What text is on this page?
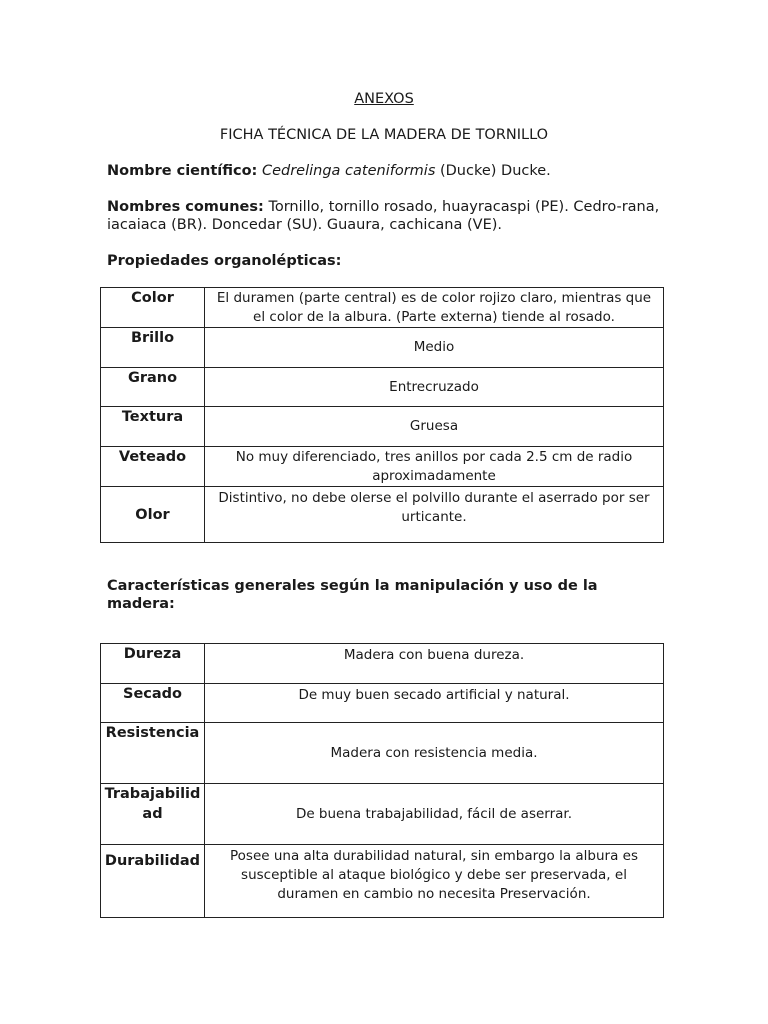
ANEXOS
FICHA TÉCNICA DE LA MADERA DE TORNILLO
Nombre científico: Cedrelinga cateniformis (Ducke) Ducke.
Nombres comunes: Tornillo, tornillo rosado, huayracaspi (PE). Cedro-rana, iacaiaca (BR). Doncedar (SU). Guaura, cachicana (VE).
Propiedades organolépticas:
Color	El duramen (parte central) es de color rojizo claro, mientras que el color de la albura. (Parte externa) tiende al rosado.
Brillo	Medio
Grano	Entrecruzado
Textura	Gruesa
Veteado	No muy diferenciado, tres anillos por cada 2.5 cm de radio aproximadamente
Olor	Distintivo, no debe olerse el polvillo durante el aserrado por ser urticante.
Características generales según la manipulación y uso de la madera:
Dureza	Madera con buena dureza.
Secado	De muy buen secado artificial y natural.
Resistencia	Madera con resistencia media.
Trabajabilidad	De buena trabajabilidad, fácil de aserrar.
Durabilidad	Posee una alta durabilidad natural, sin embargo la albura es susceptible al ataque biológico y debe ser preservada, el duramen en cambio no necesita Preservación.
